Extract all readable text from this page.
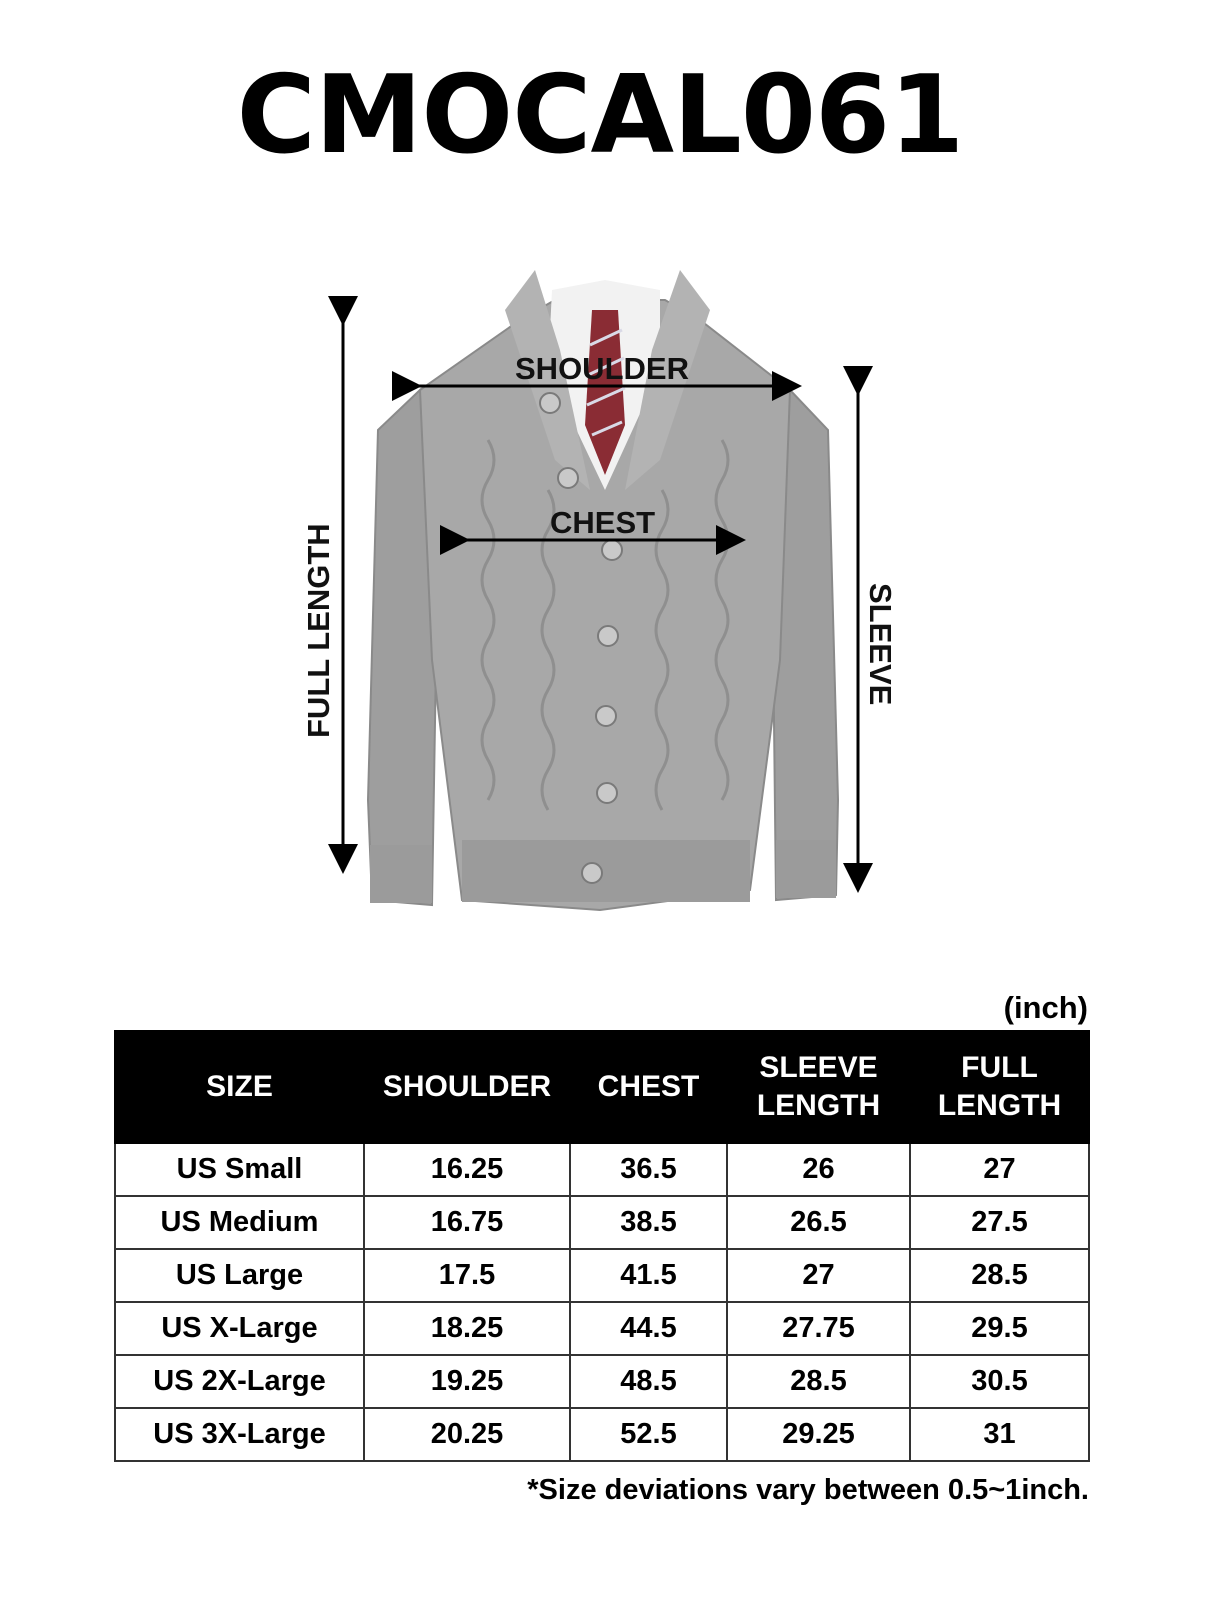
CMOCAL061
SHOULDER
CHEST
FULL LENGTH	SLEEVE
(inch)
SIZE	SHOULDER	CHEST	SLEEVE LENGTH	FULL LENGTH
US Small	16.25	36.5	26	27
US Medium	16.75	38.5	26.5	27.5
US Large	17.5	41.5	27	28.5
US X-Large	18.25	44.5	27.75	29.5
US 2X-Large	19.25	48.5	28.5	30.5
US 3X-Large	20.25	52.5	29.25	31
*Size deviations vary between 0.5~1inch.
